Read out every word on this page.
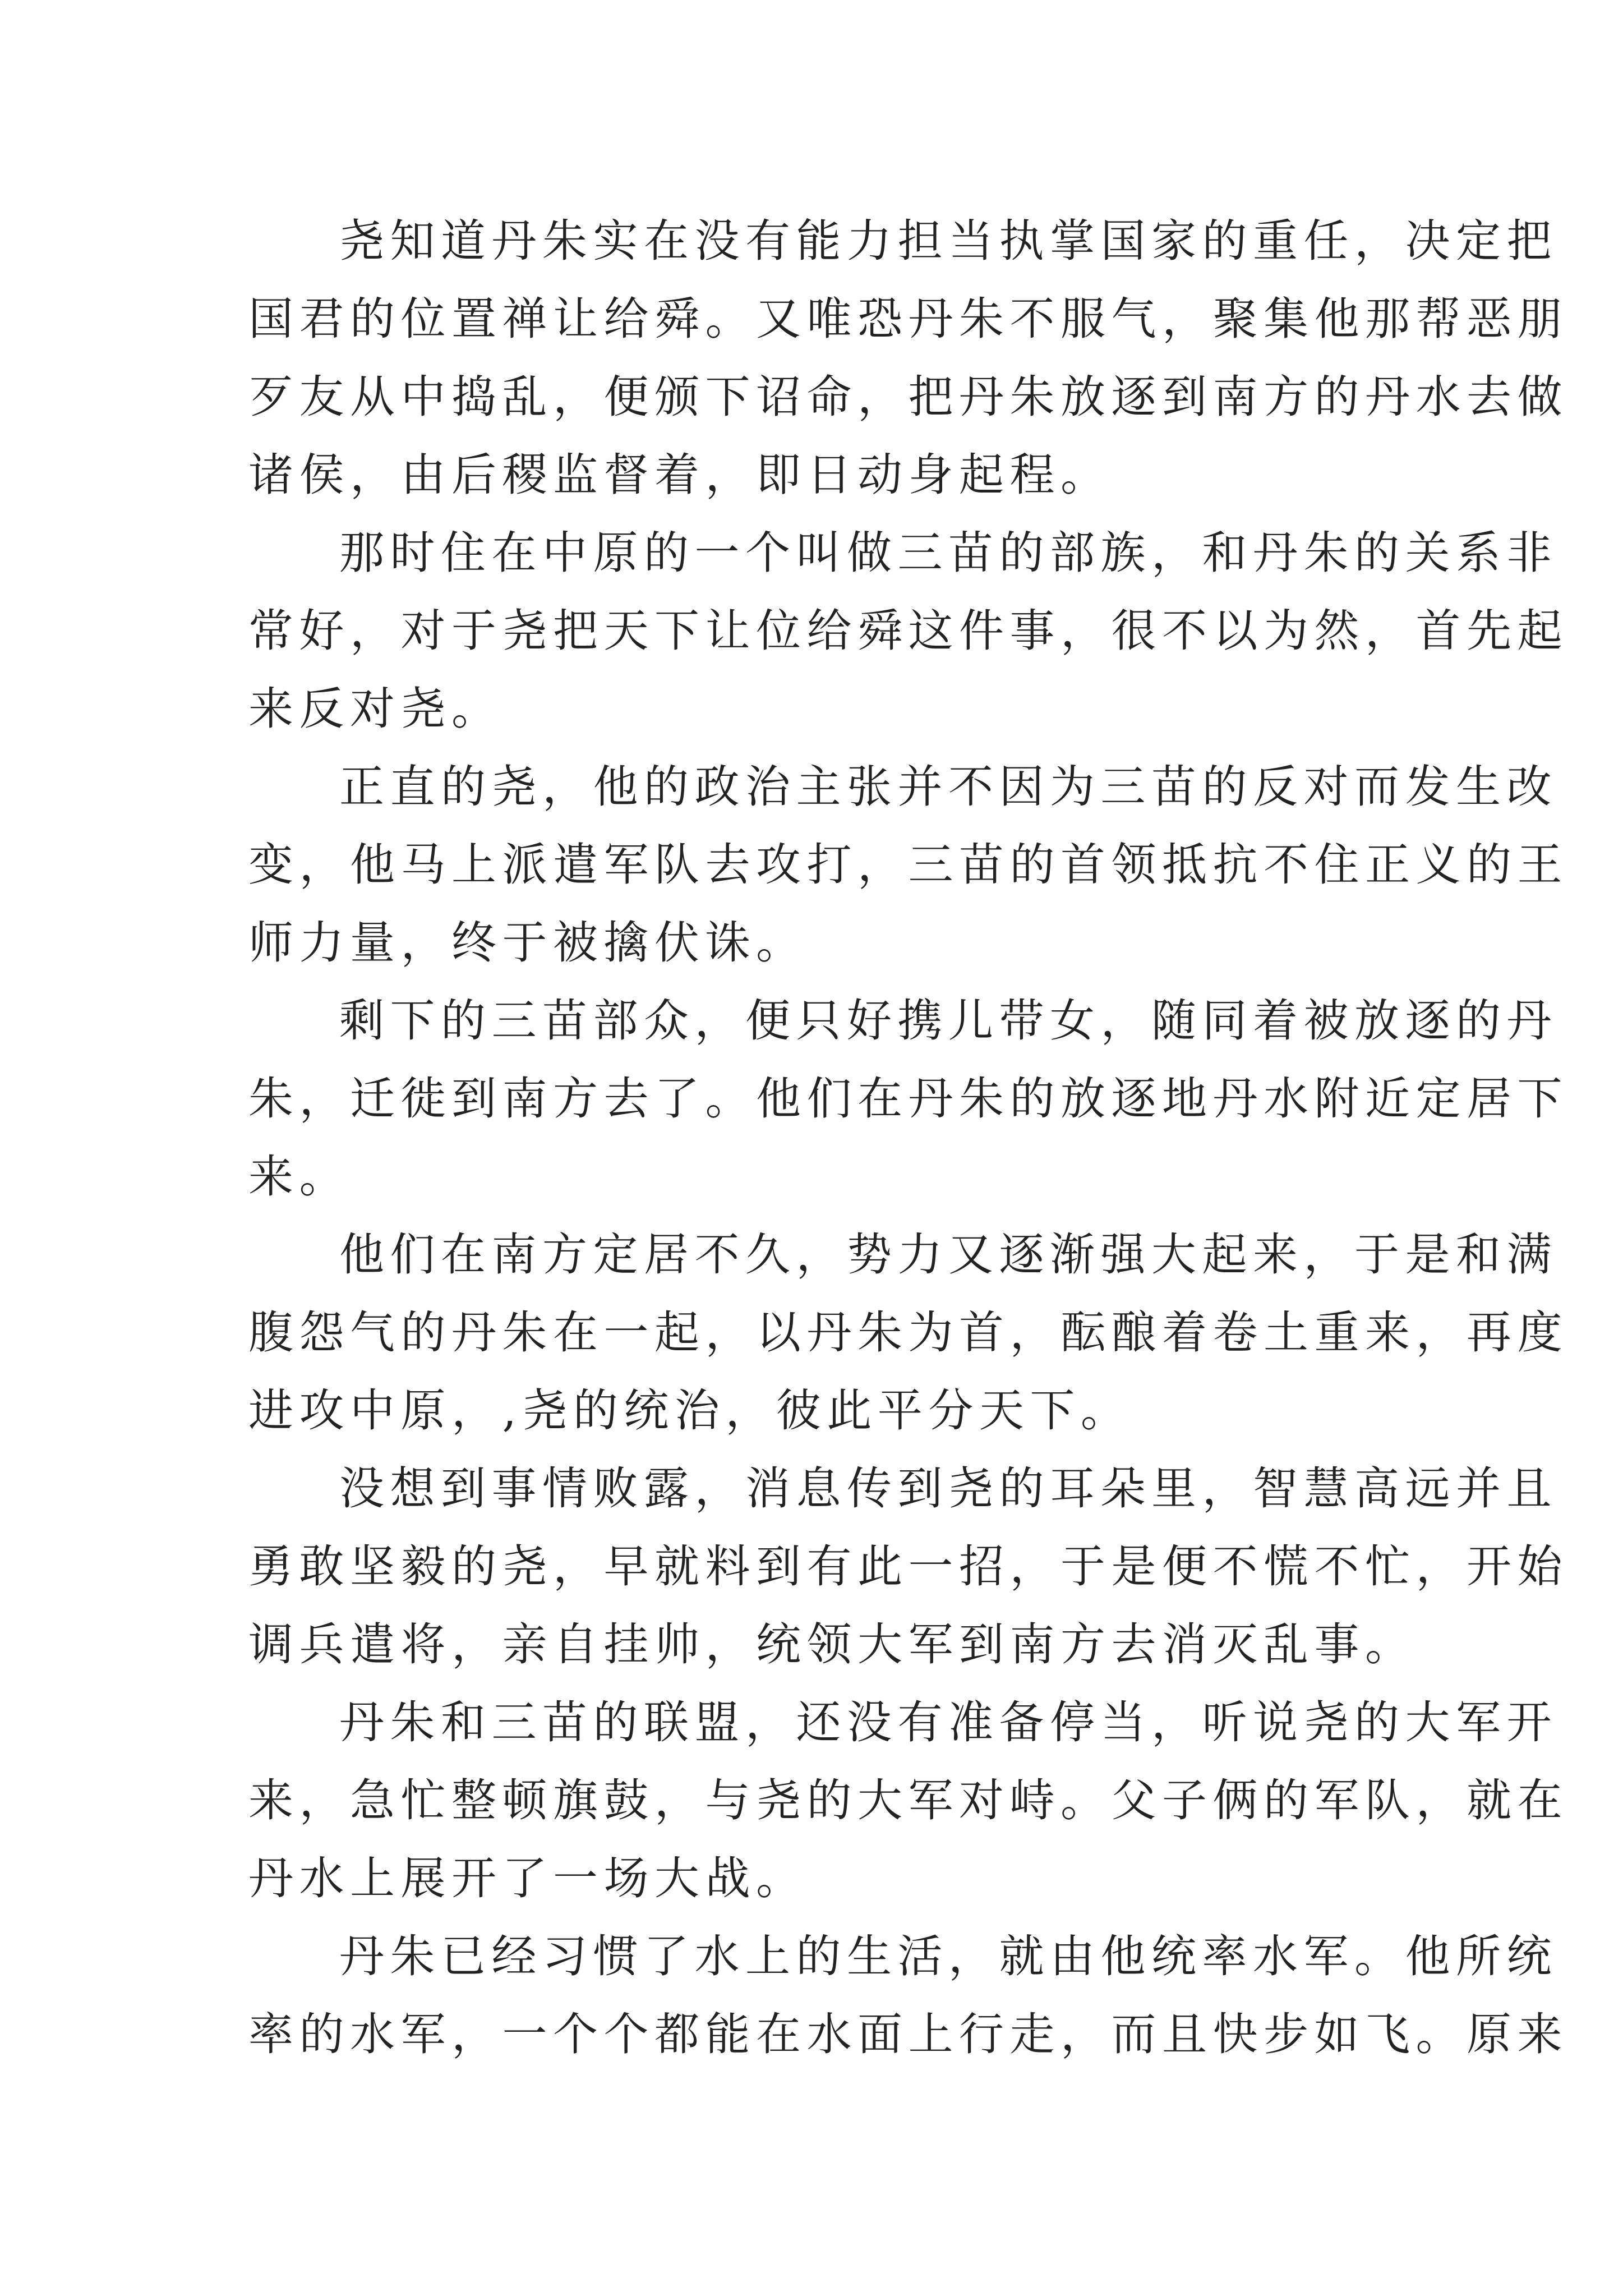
尧知道丹朱实在没有能力担当执掌国家的重任，决定把
国君的位置禅让给舜。又唯恐丹朱不服气，聚集他那帮恶朋
歹友从中捣乱，便颁下诏命，把丹朱放逐到南方的丹水去做
诸侯，由后稷监督着，即日动身起程。

那时住在中原的一个叫做三苗的部族，和丹朱的关系非
常好，对于尧把天下让位给舜这件事，很不以为然，首先起
来反对尧。

正直的尧，他的政治主张并不因为三苗的反对而发生改
变，他马上派遣军队去攻打，三苗的首领抵抗不住正义的王
师力量，终于被擒伏诛。

剩下的三苗部众，便只好携儿带女，随同着被放逐的丹
朱，迁徙到南方去了。他们在丹朱的放逐地丹水附近定居下
来。

他们在南方定居不久，势力又逐渐强大起来，于是和满
腹怨气的丹朱在一起，以丹朱为首，酝酿着卷土重来，再度
进攻中原，,尧的统治，彼此平分天下。

没想到事情败露，消息传到尧的耳朵里，智慧高远并且
勇敢坚毅的尧，早就料到有此一招，于是便不慌不忙，开始
调兵遣将，亲自挂帅，统领大军到南方去消灭乱事。

丹朱和三苗的联盟，还没有准备停当，听说尧的大军开
来，急忙整顿旗鼓，与尧的大军对峙。父子俩的军队，就在
丹水上展开了一场大战。

丹朱已经习惯了水上的生活，就由他统率水军。他所统
率的水军，一个个都能在水面上行走，而且快步如飞。原来
